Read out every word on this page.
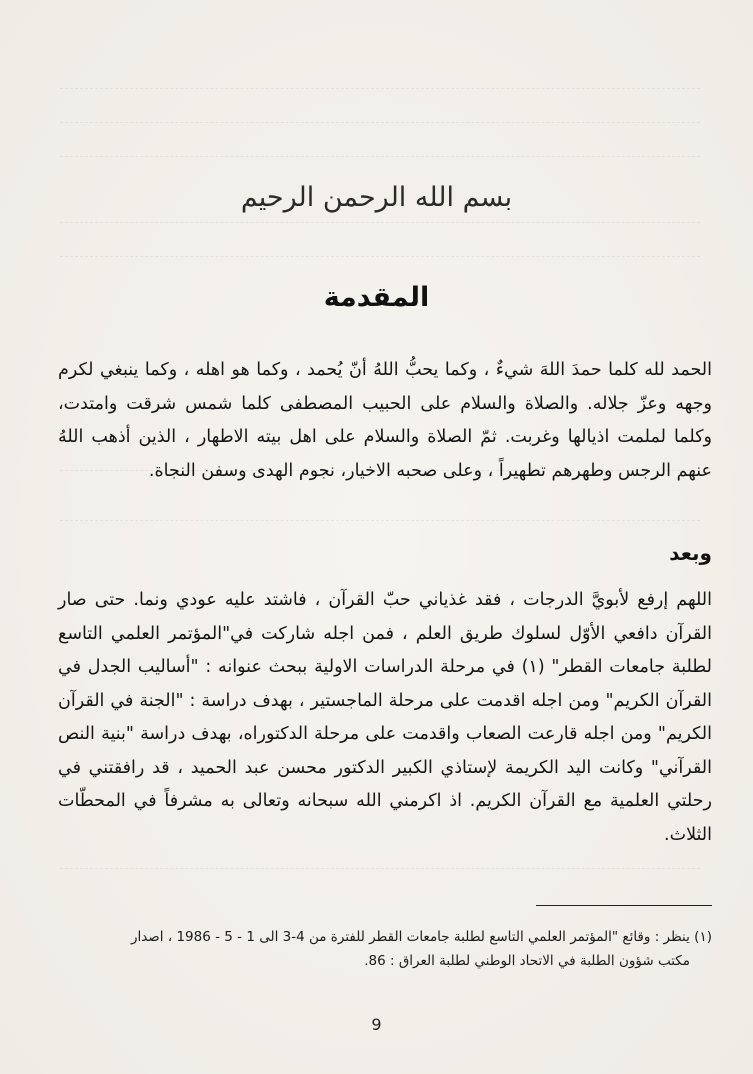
بسم الله الرحمن الرحيم
المقدمة
الحمد لله كلما حمدَ اللهَ شيءٌ ، وكما يحبُّ اللهُ أنّ يُحمد ، وكما هو اهله ، وكما ينبغي لكرم وجهه وعزّ جلاله. والصلاة والسلام على الحبيب المصطفى كلما شمس شرقت وامتدت، وكلما لملمت اذيالها وغربت. ثمّ الصلاة والسلام على اهل بيته الاطهار ، الذين أذهب اللهُ عنهم الرجس وطهرهم تطهيراً ، وعلى صحبه الاخيار، نجوم الهدى وسفن النجاة.
وبعد
اللهم إرفع لأبويَّ الدرجات ، فقد غذياني حبّ القرآن ، فاشتد عليه عودي ونما. حتى صار القرآن دافعي الأوّل لسلوك طريق العلم ، فمن اجله شاركت في"المؤتمر العلمي التاسع لطلبة جامعات القطر" (١) في مرحلة الدراسات الاولية ببحث عنوانه : "أساليب الجدل في القرآن الكريم" ومن اجله اقدمت على مرحلة الماجستير ، بهدف دراسة : "الجنة في القرآن الكريم" ومن اجله قارعت الصعاب واقدمت على مرحلة الدكتوراه، بهدف دراسة "بنية النص القرآني" وكانت اليد الكريمة لإستاذي الكبير الدكتور محسن عبد الحميد ، قد رافقتني في رحلتي العلمية مع القرآن الكريم. اذ اكرمني الله سبحانه وتعالى به مشرفاً في المحطّات الثلاث.
(١) ينظر : وقائع "المؤتمر العلمي التاسع لطلبة جامعات القطر للفترة من 4-3 الى 1 - 5 - 1986 ، اصدار
مكتب شؤون الطلبة في الاتحاد الوطني لطلبة العراق : 86.
9
